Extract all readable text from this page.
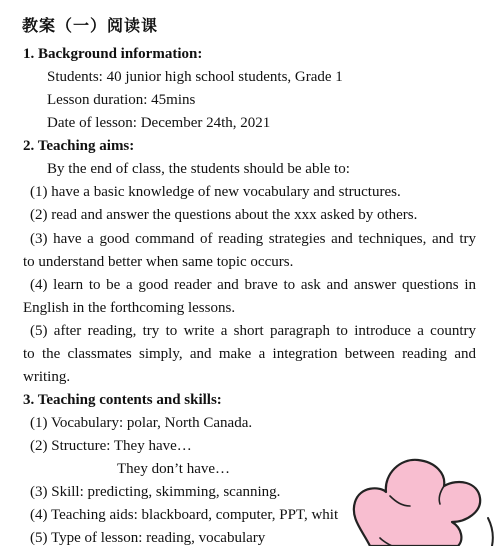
教案（一）阅读课
1. Background information:
Students: 40 junior high school students, Grade 1
Lesson duration: 45mins
Date of lesson: December 24th, 2021
2. Teaching aims:
By the end of class, the students should be able to:
(1) have a basic knowledge of new vocabulary and structures.
(2) read and answer the questions about the xxx asked by others.
(3) have a good command of reading strategies and techniques, and try
to understand better when same topic occurs.
(4) learn to be a good reader and brave to ask and answer questions in
English in the forthcoming lessons.
(5) after reading, try to write a short paragraph to introduce a country
to the classmates simply, and make a integration between reading and
writing.
3. Teaching contents and skills:
(1) Vocabulary: polar, North Canada.
(2) Structure: They have…
They don’t have…
(3) Skill: predicting, skimming, scanning.
(4) Teaching aids: blackboard, computer, PPT, whit
(5) Type of lesson: reading, vocabulary
